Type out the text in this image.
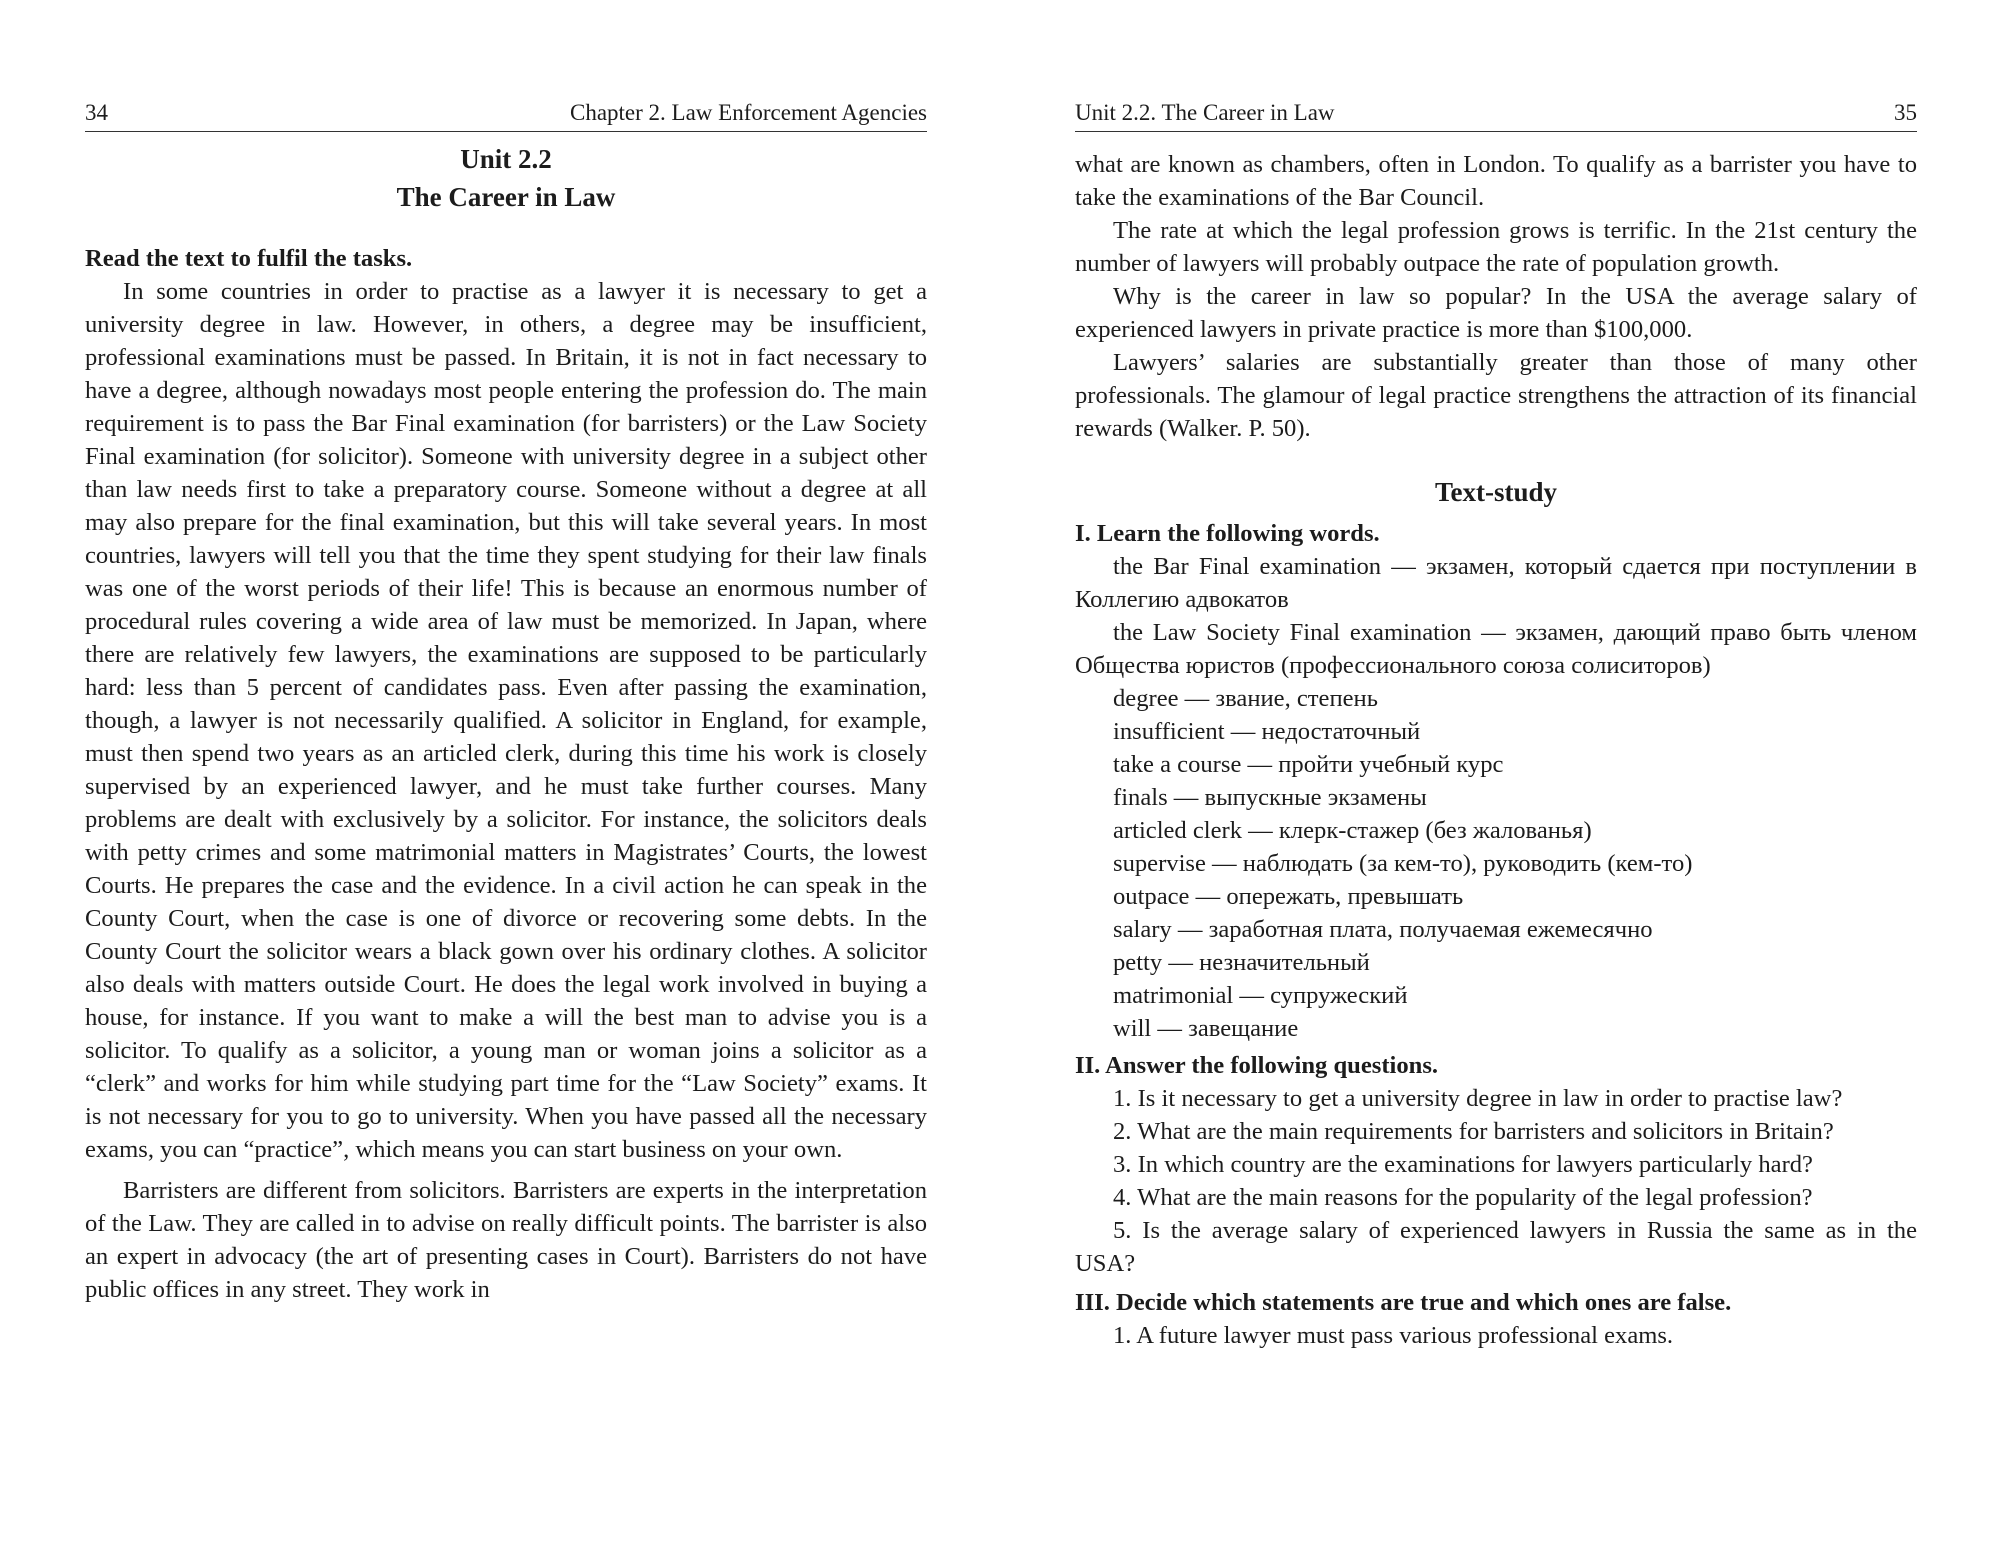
34	Chapter 2. Law Enforcement Agencies
Unit 2.2
The Career in Law
Read the text to fulfil the tasks.

In some countries in order to practise as a lawyer it is necessary to get a university degree in law. However, in others, a degree may be insufficient, professional examinations must be passed. In Britain, it is not in fact necessary to have a degree, although nowadays most people entering the profession do. The main requirement is to pass the Bar Final examination (for barristers) or the Law Society Final examination (for solicitor). Someone with university degree in a subject other than law needs first to take a preparatory course. Someone without a degree at all may also prepare for the final examination, but this will take several years. In most countries, lawyers will tell you that the time they spent studying for their law finals was one of the worst periods of their life! This is because an enormous number of procedural rules covering a wide area of law must be memorized. In Japan, where there are relatively few lawyers, the examinations are supposed to be particularly hard: less than 5 percent of candidates pass. Even after passing the examination, though, a lawyer is not necessarily qualified. A solicitor in England, for example, must then spend two years as an articled clerk, during this time his work is closely supervised by an experienced lawyer, and he must take further courses. Many problems are dealt with exclusively by a solicitor. For instance, the solicitors deals with petty crimes and some matrimonial matters in Magistrates’ Courts, the lowest Courts. He prepares the case and the evidence. In a civil action he can speak in the County Court, when the case is one of divorce or recovering some debts. In the County Court the solicitor wears a black gown over his ordinary clothes. A solicitor also deals with matters outside Court. He does the legal work involved in buying a house, for instance. If you want to make a will the best man to advise you is a solicitor. To qualify as a solicitor, a young man or woman joins a solicitor as a “clerk” and works for him while studying part time for the “Law Society” exams. It is not necessary for you to go to university. When you have passed all the necessary exams, you can “practice”, which means you can start business on your own.

Barristers are different from solicitors. Barristers are experts in the interpretation of the Law. They are called in to advise on really difficult points. The barrister is also an expert in advocacy (the art of presenting cases in Court). Barristers do not have public offices in any street. They work in

Unit 2.2. The Career in Law	35

what are known as chambers, often in London. To qualify as a barrister you have to take the examinations of the Bar Council.

The rate at which the legal profession grows is terrific. In the 21st century the number of lawyers will probably outpace the rate of population growth.

Why is the career in law so popular? In the USA the average salary of experienced lawyers in private practice is more than $100,000.

Lawyers’ salaries are substantially greater than those of many other professionals. The glamour of legal practice strengthens the attraction of its financial rewards (Walker. P. 50).

Text-study
I. Learn the following words.
the Bar Final examination — экзамен, который сдается при поступлении в Коллегию адвокатов
the Law Society Final examination — экзамен, дающий право быть членом Общества юристов (профессионального союза солиситоров)
degree — звание, степень
insufficient — недостаточный
take a course — пройти учебный курс
finals — выпускные экзамены
articled clerk — клерк-стажер (без жалованья)
supervise — наблюдать (за кем-то), руководить (кем-то)
outpace — опережать, превышать
salary — заработная плата, получаемая ежемесячно
petty — незначительный
matrimonial — супружеский
will — завещание
II. Answer the following questions.
1. Is it necessary to get a university degree in law in order to practise law?
2. What are the main requirements for barristers and solicitors in Britain?
3. In which country are the examinations for lawyers particularly hard?
4. What are the main reasons for the popularity of the legal profession?
5. Is the average salary of experienced lawyers in Russia the same as in the USA?
III. Decide which statements are true and which ones are false.
1. A future lawyer must pass various professional exams.
